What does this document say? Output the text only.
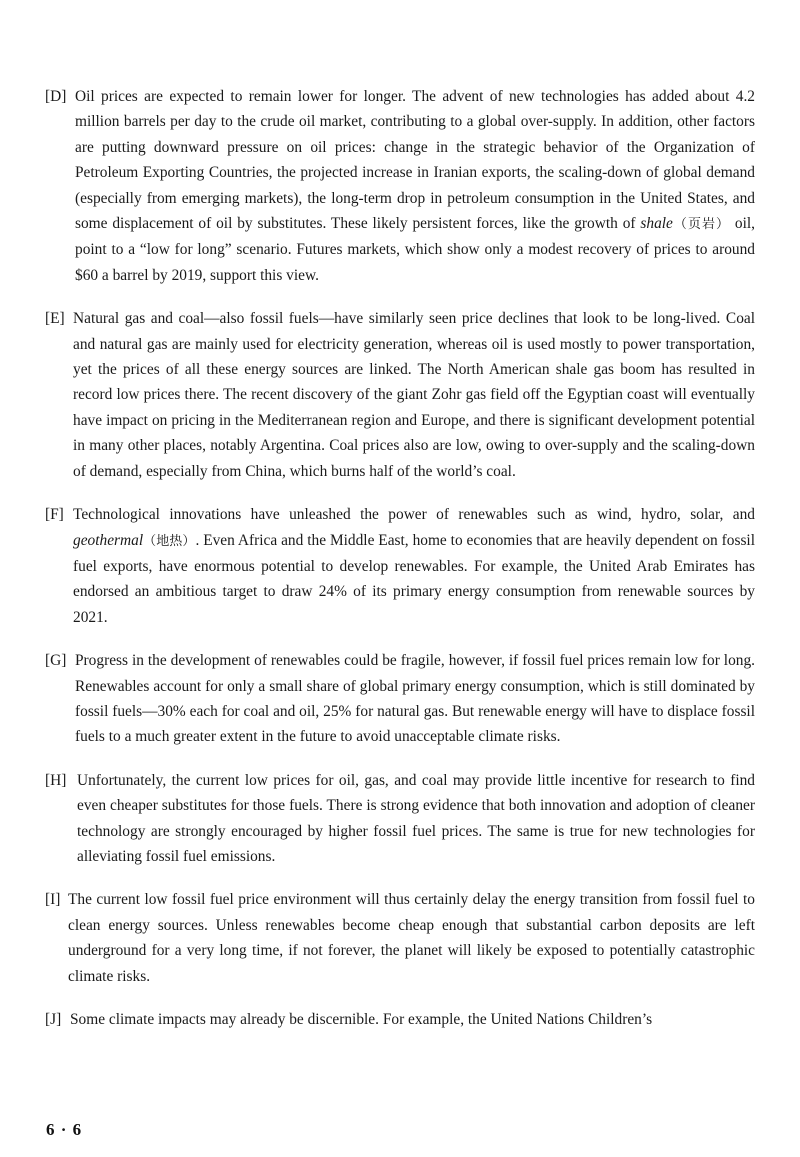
[D] Oil prices are expected to remain lower for longer. The advent of new technologies has added about 4.2 million barrels per day to the crude oil market, contributing to a global over-supply. In addition, other factors are putting downward pressure on oil prices: change in the strategic behavior of the Organization of Petroleum Exporting Countries, the projected increase in Iranian exports, the scaling-down of global demand (especially from emerging markets), the long-term drop in petroleum consumption in the United States, and some displacement of oil by substitutes. These likely persistent forces, like the growth of shale（页岩） oil, point to a “low for long” scenario. Futures markets, which show only a modest recovery of prices to around $60 a barrel by 2019, support this view.
[E] Natural gas and coal—also fossil fuels—have similarly seen price declines that look to be long-lived. Coal and natural gas are mainly used for electricity generation, whereas oil is used mostly to power transportation, yet the prices of all these energy sources are linked. The North American shale gas boom has resulted in record low prices there. The recent discovery of the giant Zohr gas field off the Egyptian coast will eventually have impact on pricing in the Mediterranean region and Europe, and there is significant development potential in many other places, notably Argentina. Coal prices also are low, owing to over-supply and the scaling-down of demand, especially from China, which burns half of the world’s coal.
[F] Technological innovations have unleashed the power of renewables such as wind, hydro, solar, and geothermal（地热）. Even Africa and the Middle East, home to economies that are heavily dependent on fossil fuel exports, have enormous potential to develop renewables. For example, the United Arab Emirates has endorsed an ambitious target to draw 24% of its primary energy consumption from renewable sources by 2021.
[G] Progress in the development of renewables could be fragile, however, if fossil fuel prices remain low for long. Renewables account for only a small share of global primary energy consumption, which is still dominated by fossil fuels—30% each for coal and oil, 25% for natural gas. But renewable energy will have to displace fossil fuels to a much greater extent in the future to avoid unacceptable climate risks.
[H] Unfortunately, the current low prices for oil, gas, and coal may provide little incentive for research to find even cheaper substitutes for those fuels. There is strong evidence that both innovation and adoption of cleaner technology are strongly encouraged by higher fossil fuel prices. The same is true for new technologies for alleviating fossil fuel emissions.
[I] The current low fossil fuel price environment will thus certainly delay the energy transition from fossil fuel to clean energy sources. Unless renewables become cheap enough that substantial carbon deposits are left underground for a very long time, if not forever, the planet will likely be exposed to potentially catastrophic climate risks.
[J] Some climate impacts may already be discernible. For example, the United Nations Children’s
6 · 6
